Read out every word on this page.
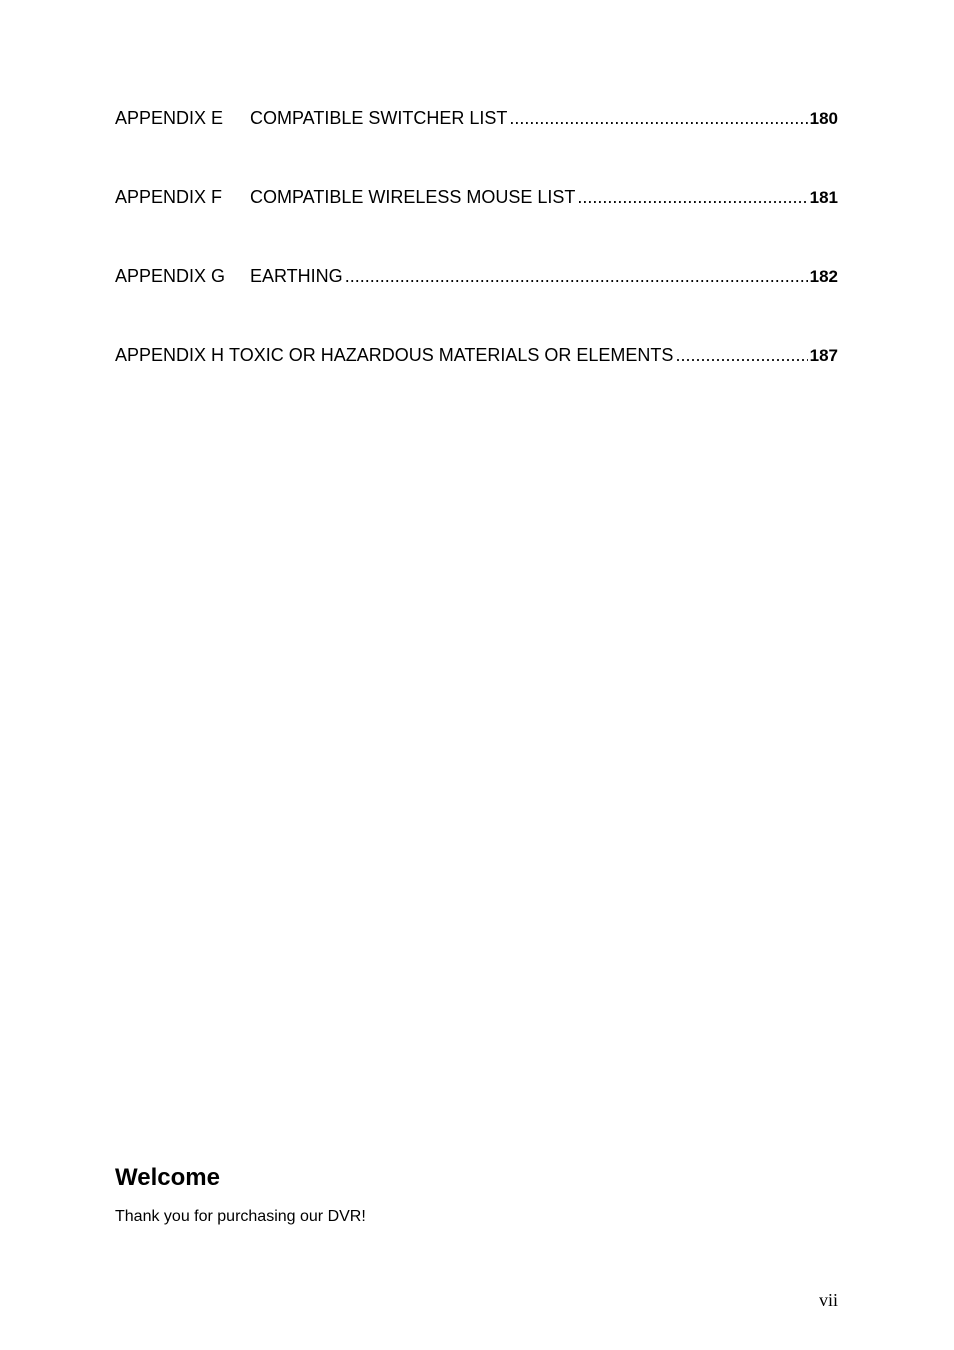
APPENDIX E	COMPATIBLE SWITCHER LIST .....	180
APPENDIX F	COMPATIBLE WIRELESS MOUSE LIST .....	181
APPENDIX G	EARTHING .....	182
APPENDIX H TOXIC OR HAZARDOUS MATERIALS OR ELEMENTS .....	187
Welcome

Thank you for purchasing our DVR!

vii
